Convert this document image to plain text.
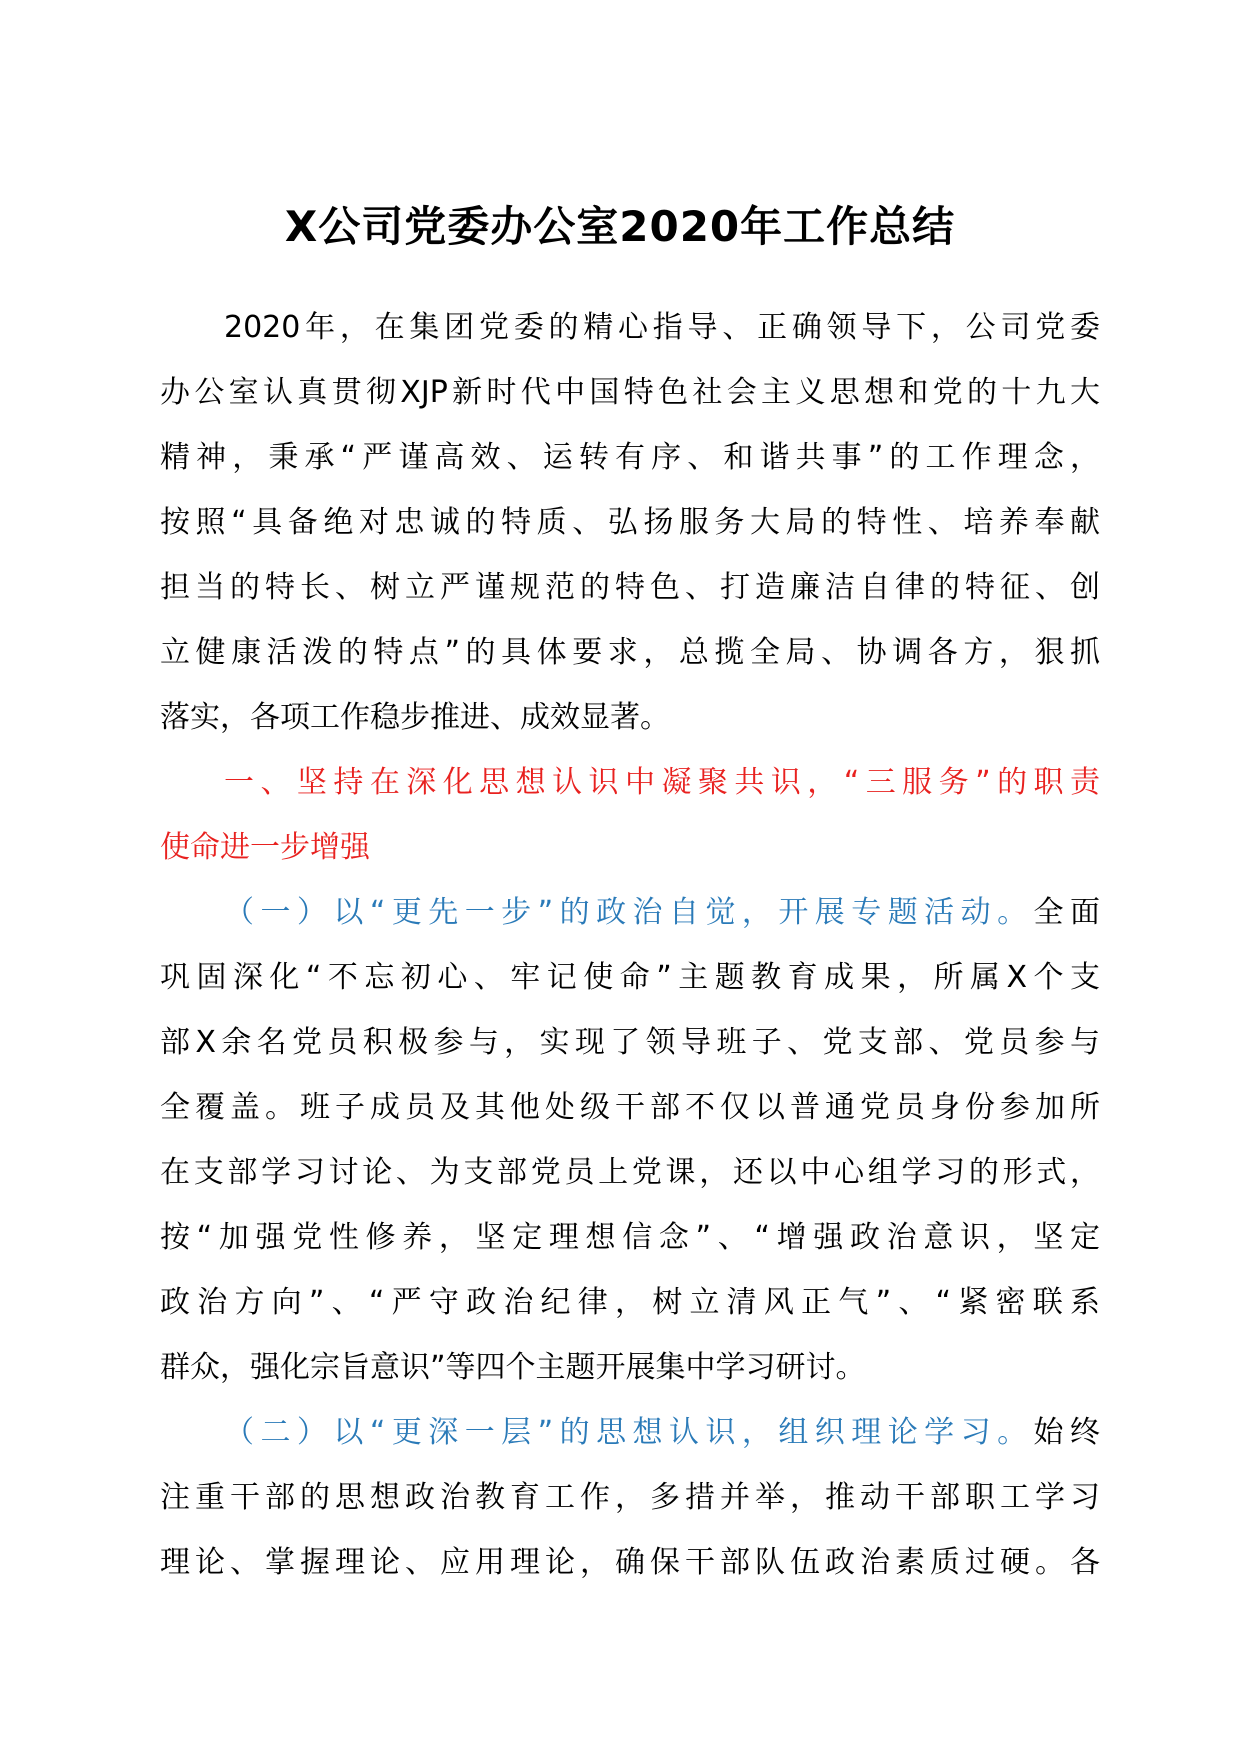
X公司党委办公室2020年工作总结
2020年，在集团党委的精心指导、正确领导下，公司党委
办公室认真贯彻XJP新时代中国特色社会主义思想和党的十九大
精神，秉承“严谨高效、运转有序、和谐共事”的工作理念，
按照“具备绝对忠诚的特质、弘扬服务大局的特性、培养奉献
担当的特长、树立严谨规范的特色、打造廉洁自律的特征、创
立健康活泼的特点”的具体要求，总揽全局、协调各方，狠抓
落实，各项工作稳步推进、成效显著。
一、坚持在深化思想认识中凝聚共识，“三服务”的职责
使命进一步增强
（一）以“更先一步”的政治自觉，开展专题活动。全面
巩固深化“不忘初心、牢记使命”主题教育成果，所属X个支
部X余名党员积极参与，实现了领导班子、党支部、党员参与
全覆盖。班子成员及其他处级干部不仅以普通党员身份参加所
在支部学习讨论、为支部党员上党课，还以中心组学习的形式，
按“加强党性修养，坚定理想信念”、“增强政治意识，坚定
政治方向”、“严守政治纪律，树立清风正气”、“紧密联系
群众，强化宗旨意识”等四个主题开展集中学习研讨。
（二）以“更深一层”的思想认识，组织理论学习。始终
注重干部的思想政治教育工作，多措并举，推动干部职工学习
理论、掌握理论、应用理论，确保干部队伍政治素质过硬。各
